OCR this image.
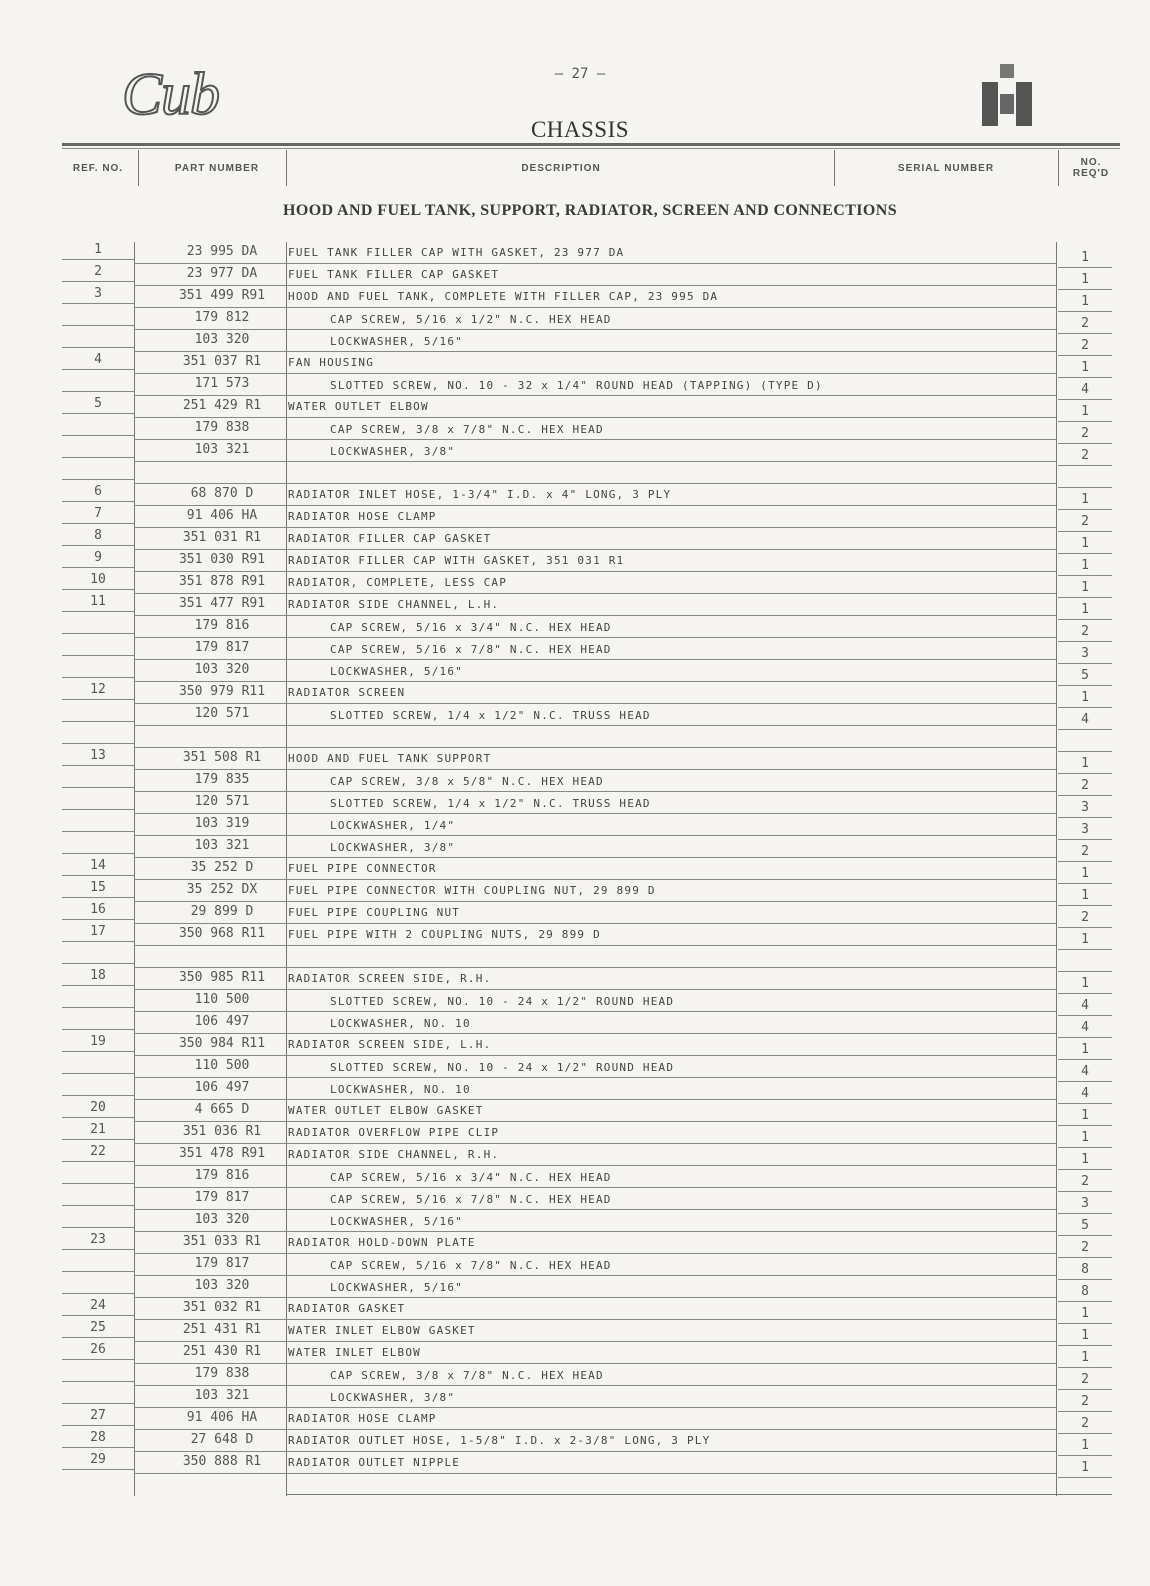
Cub	— 27 —
CHASSIS
REF. NO.	PART NUMBER	DESCRIPTION	SERIAL NUMBER	NO. REQ'D
HOOD AND FUEL TANK, SUPPORT, RADIATOR, SCREEN AND CONNECTIONS
1	23 995 DA	FUEL TANK FILLER CAP WITH GASKET, 23 977 DA	1
2	23 977 DA	FUEL TANK FILLER CAP GASKET	1
3	351 499 R91	HOOD AND FUEL TANK, COMPLETE WITH FILLER CAP, 23 995 DA	1
179 812	CAP SCREW, 5/16 x 1/2" N.C. HEX HEAD	2
103 320	LOCKWASHER, 5/16"	2
4	351 037 R1	FAN HOUSING	1
171 573	SLOTTED SCREW, NO. 10 - 32 x 1/4" ROUND HEAD (TAPPING) (TYPE D)	4
5	251 429 R1	WATER OUTLET ELBOW	1
179 838	CAP SCREW, 3/8 x 7/8" N.C. HEX HEAD	2
103 321	LOCKWASHER, 3/8"	2
6	68 870 D	RADIATOR INLET HOSE, 1-3/4" I.D. x 4" LONG, 3 PLY	1
7	91 406 HA	RADIATOR HOSE CLAMP	2
8	351 031 R1	RADIATOR FILLER CAP GASKET	1
9	351 030 R91	RADIATOR FILLER CAP WITH GASKET, 351 031 R1	1
10	351 878 R91	RADIATOR, COMPLETE, LESS CAP	1
11	351 477 R91	RADIATOR SIDE CHANNEL, L.H.	1
179 816	CAP SCREW, 5/16 x 3/4" N.C. HEX HEAD	2
179 817	CAP SCREW, 5/16 x 7/8" N.C. HEX HEAD	3
103 320	LOCKWASHER, 5/16"	5
12	350 979 R11	RADIATOR SCREEN	1
120 571	SLOTTED SCREW, 1/4 x 1/2" N.C. TRUSS HEAD	4
13	351 508 R1	HOOD AND FUEL TANK SUPPORT	1
179 835	CAP SCREW, 3/8 x 5/8" N.C. HEX HEAD	2
120 571	SLOTTED SCREW, 1/4 x 1/2" N.C. TRUSS HEAD	3
103 319	LOCKWASHER, 1/4"	3
103 321	LOCKWASHER, 3/8"	2
14	35 252 D	FUEL PIPE CONNECTOR	1
15	35 252 DX	FUEL PIPE CONNECTOR WITH COUPLING NUT, 29 899 D	1
16	29 899 D	FUEL PIPE COUPLING NUT	2
17	350 968 R11	FUEL PIPE WITH 2 COUPLING NUTS, 29 899 D	1
18	350 985 R11	RADIATOR SCREEN SIDE, R.H.	1
110 500	SLOTTED SCREW, NO. 10 - 24 x 1/2" ROUND HEAD	4
106 497	LOCKWASHER, NO. 10	4
19	350 984 R11	RADIATOR SCREEN SIDE, L.H.	1
110 500	SLOTTED SCREW, NO. 10 - 24 x 1/2" ROUND HEAD	4
106 497	LOCKWASHER, NO. 10	4
20	4 665 D	WATER OUTLET ELBOW GASKET	1
21	351 036 R1	RADIATOR OVERFLOW PIPE CLIP	1
22	351 478 R91	RADIATOR SIDE CHANNEL, R.H.	1
179 816	CAP SCREW, 5/16 x 3/4" N.C. HEX HEAD	2
179 817	CAP SCREW, 5/16 x 7/8" N.C. HEX HEAD	3
103 320	LOCKWASHER, 5/16"	5
23	351 033 R1	RADIATOR HOLD-DOWN PLATE	2
179 817	CAP SCREW, 5/16 x 7/8" N.C. HEX HEAD	8
103 320	LOCKWASHER, 5/16"	8
24	351 032 R1	RADIATOR GASKET	1
25	251 431 R1	WATER INLET ELBOW GASKET	1
26	251 430 R1	WATER INLET ELBOW	1
179 838	CAP SCREW, 3/8 x 7/8" N.C. HEX HEAD	2
103 321	LOCKWASHER, 3/8"	2
27	91 406 HA	RADIATOR HOSE CLAMP	2
28	27 648 D	RADIATOR OUTLET HOSE, 1-5/8" I.D. x 2-3/8" LONG, 3 PLY	1
29	350 888 R1	RADIATOR OUTLET NIPPLE	1
